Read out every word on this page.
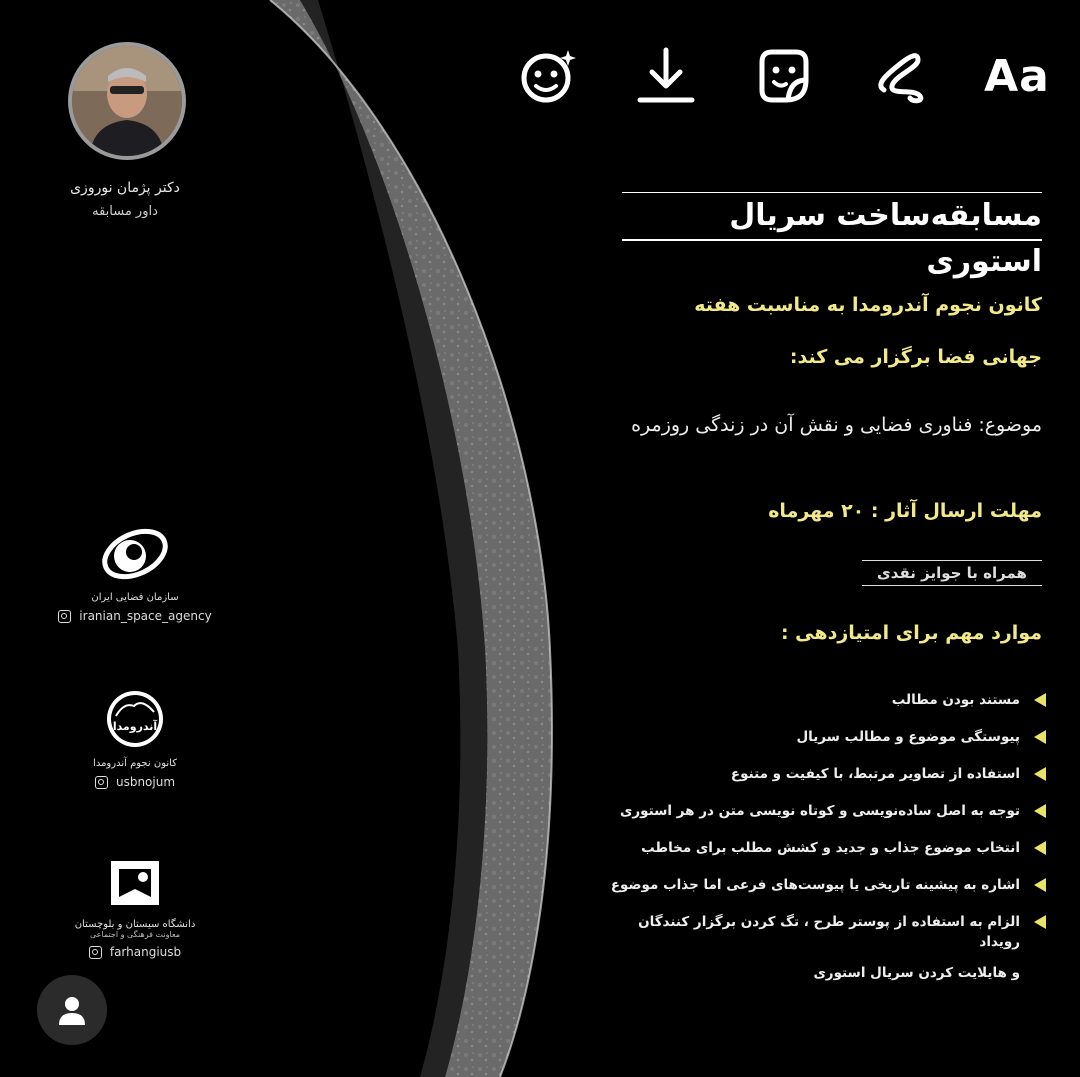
Aa
دکتر پژمان نوروزی
داور مسابقه
سازمان فضایی ایران
iranian_space_agency
آندرومدا
کانون نجوم آندرومدا
usbnojum
دانشگاه سیستان و بلوچستان
معاونت فرهنگی و اجتماعی
farhangiusb
مسابقه‌ساخت سریال استوری
کانون نجوم آندرومدا به مناسبت هفته
جهانی فضا برگزار می کند:
موضوع: فناوری فضایی و نقش آن در زندگی روزمره
مهلت ارسال آثار : ۲۰ مهرماه
همراه با جوایز نقدی
موارد مهم برای امتیازدهی :
مستند بودن مطالب
پیوستگی موضوع و مطالب سریال
استفاده از تصاویر مرتبط، با کیفیت و متنوع
توجه به اصل ساده‌نویسی و کوتاه نویسی متن در هر استوری
انتخاب موضوع جذاب و جدید و کشش مطلب برای مخاطب
اشاره به پیشینه تاریخی یا پیوست‌های فرعی اما جذاب موضوع
الزام به استفاده از پوستر طرح ، تگ کردن برگزار کنندگان رویداد
و هایلایت کردن سریال استوری
